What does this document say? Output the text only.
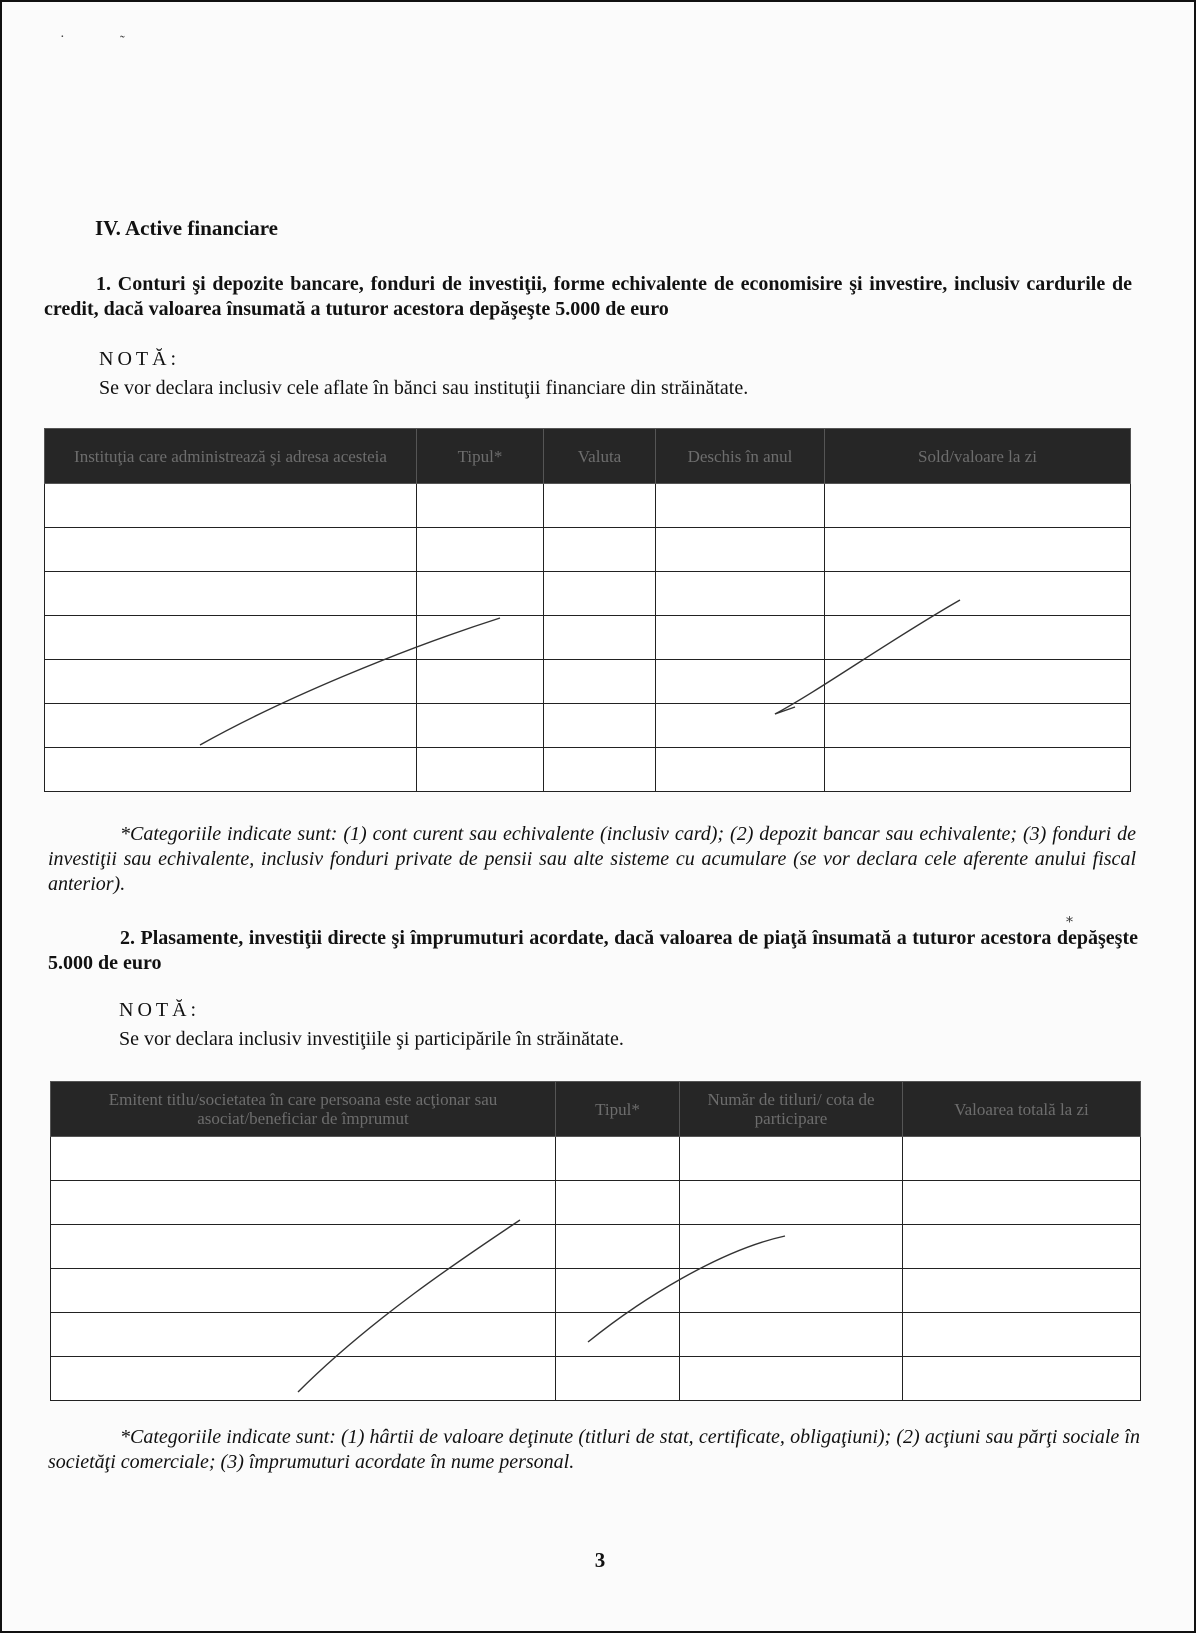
·	˷
⁎
IV. Active financiare
1. Conturi şi depozite bancare, fonduri de investiţii, forme echivalente de economisire şi investire, inclusiv cardurile de credit, dacă valoarea însumată a tuturor acestora depăşeşte 5.000 de euro
NOTĂ:
Se vor declara inclusiv cele aflate în bănci sau instituţii financiare din străinătate.
Instituţia care administrează şi adresa acesteia	Tipul*	Valuta	Deschis în anul	Sold/valoare la zi

*Categoriile indicate sunt: (1) cont curent sau echivalente (inclusiv card); (2) depozit bancar sau echivalente; (3) fonduri de investiţii sau echivalente, inclusiv fonduri private de pensii sau alte sisteme cu acumulare (se vor declara cele aferente anului fiscal anterior).
2. Plasamente, investiţii directe şi împrumuturi acordate, dacă valoarea de piaţă însumată a tuturor acestora depăşeşte 5.000 de euro
NOTĂ:
Se vor declara inclusiv investiţiile şi participările în străinătate.
Emitent titlu/societatea în care persoana este acţionar sau asociat/beneficiar de împrumut	Tipul*	Număr de titluri/ cota de participare	Valoarea totală la zi

*Categoriile indicate sunt: (1) hârtii de valoare deţinute (titluri de stat, certificate, obligaţiuni); (2) acţiuni sau părţi sociale în societăţi comerciale; (3) împrumuturi acordate în nume personal.
3
